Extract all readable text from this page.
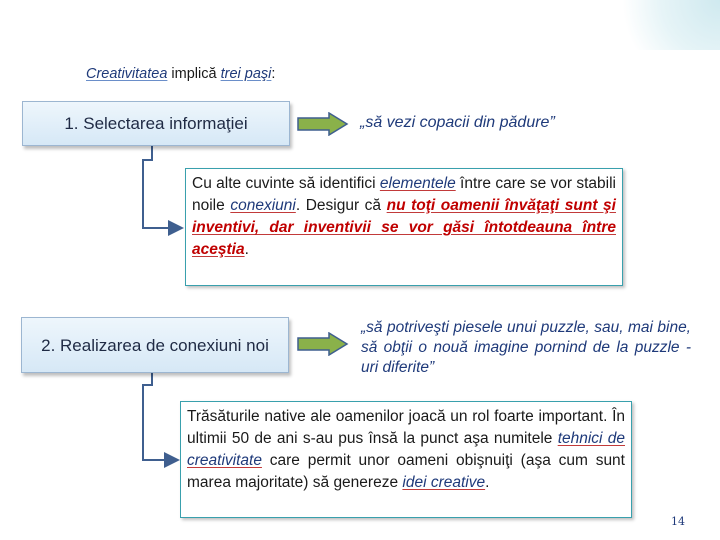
Creativitatea implică trei paşi:
1. Selectarea informaţiei	„să vezi copacii din pădure”
Cu alte cuvinte să identifici elementele între care se vor stabili noile conexiuni. Desigur că nu toţi oamenii învăţaţi sunt şi inventivi, dar inventivii se vor găsi întotdeauna între aceştia.
2. Realizarea de conexiuni noi
„să potriveşti piesele unui puzzle, sau, mai bine, să obţii o nouă imagine pornind de la puzzle - uri diferite”
Trăsăturile native ale oamenilor joacă un rol foarte important. În ultimii 50 de ani s-au pus însă la punct aşa numitele tehnici de creativitate care permit unor oameni obişnuiţi (aşa cum sunt marea majoritate) să genereze idei creative.
14
